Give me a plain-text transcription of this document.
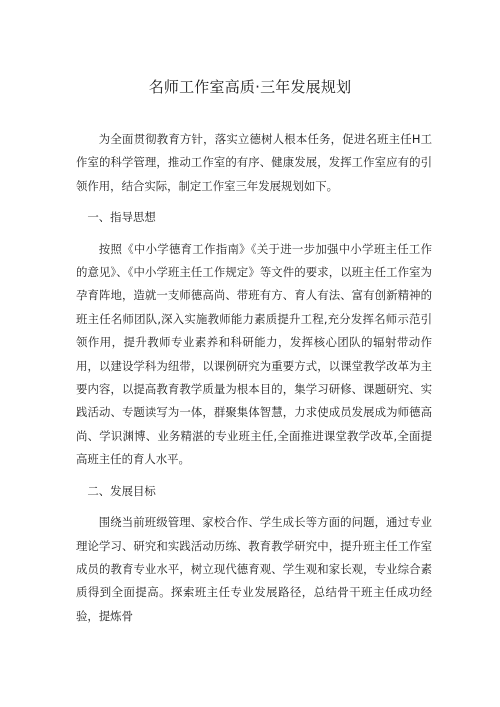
名师工作室高质·三年发展规划

为全面贯彻教育方针，落实立德树人根本任务，促进名班主任H工作室的科学管理，推动工作室的有序、健康发展，发挥工作室应有的引领作用，结合实际，制定工作室三年发展规划如下。

一、指导思想

按照《中小学德育工作指南》《关于进一步加强中小学班主任工作的意见》、《中小学班主任工作规定》等文件的要求，以班主任工作室为孕育阵地，造就一支师德高尚、带班有方、育人有法、富有创新精神的班主任名师团队,深入实施教师能力素质提升工程,充分发挥名师示范引领作用，提升教师专业素养和科研能力，发挥核心团队的辐射带动作用，以建设学科为纽带，以课例研究为重要方式，以课堂教学改革为主要内容，以提高教育教学质量为根本目的，集学习研修、课题研究、实践活动、专题读写为一体，群聚集体智慧，力求使成员发展成为师德高尚、学识渊博、业务精湛的专业班主任,全面推进课堂教学改革,全面提高班主任的育人水平。

二、发展目标

围绕当前班级管理、家校合作、学生成长等方面的问题，通过专业理论学习、研究和实践活动历练、教育教学研究中，提升班主任工作室成员的教育专业水平，树立现代德育观、学生观和家长观，专业综合素质得到全面提高。探索班主任专业发展路径，总结骨干班主任成功经验，提炼骨
